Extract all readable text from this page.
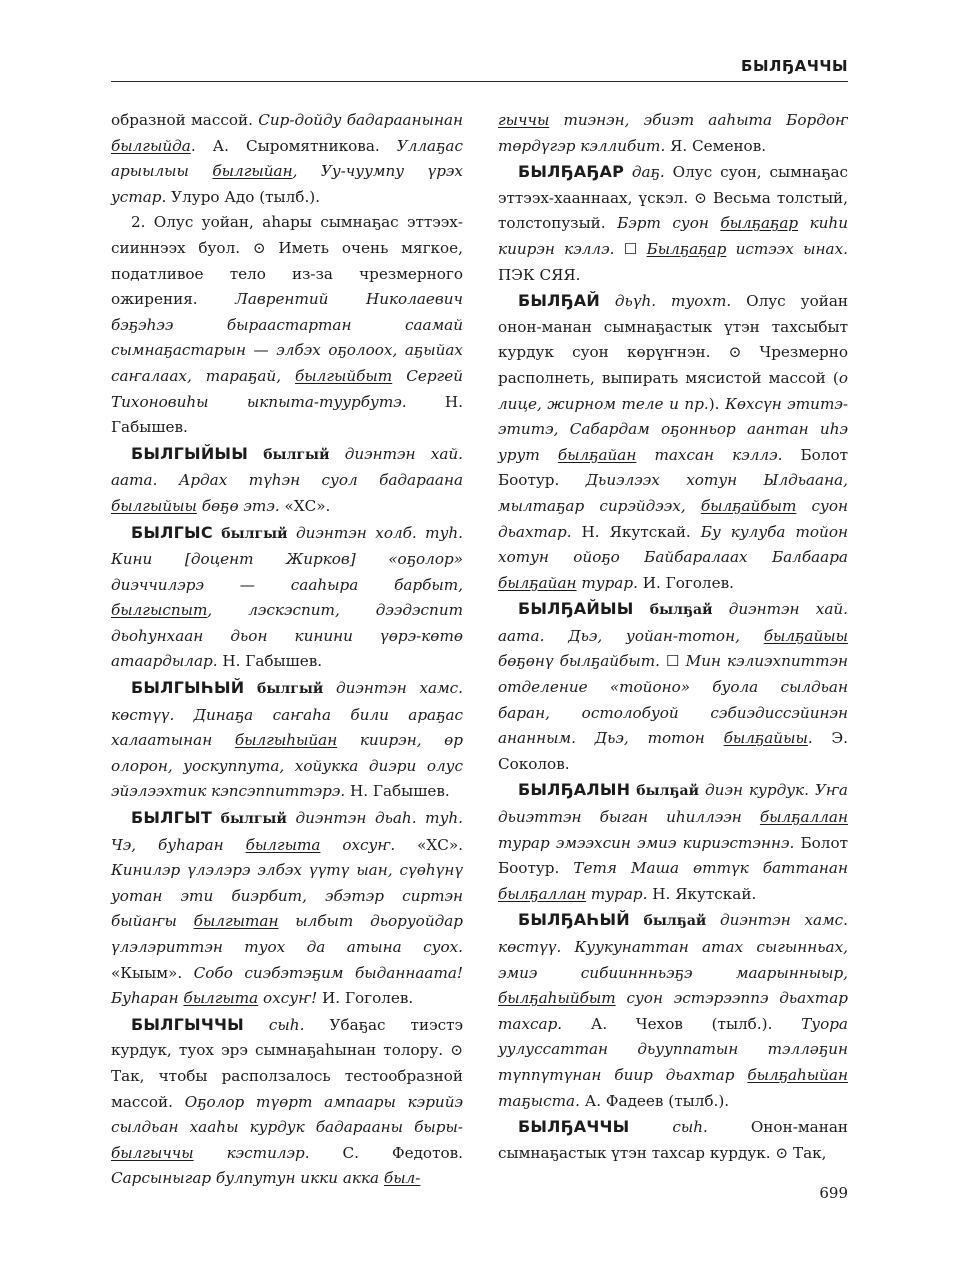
БЫЛҔАЧЧЫ

образной массой. Сир-дойду бадараанынан былгыйда. А. Сыромятникова. Уллаҕас арыылыы былгыйан, Уу-чуумпу үрэх устар. Улуро Адо (тылб.).

2. Олус уойан, аһары сымнаҕас эттээх-сииннээх буол. ⊙ Иметь очень мягкое, податливое тело из-за чрезмерного ожирения. Лаврентий Николаевич бэҕэһээ быраастартан саамай сымнаҕастарын — элбэх оҕолоох, аҕыйах саҥалаах, тараҕай, былгыйбыт Сергей Тихоновиһы ыкпыта-туурбутэ. Н. Габышев.

БЫЛГЫЙЫЫ былгый диэнтэн хай. аата. Ардах түһэн суол бадараана былгыйыы бөҕө этэ. «ХС».

БЫЛГЫС былгый диэнтэн холб. туһ. Кини [доцент Жирков] «оҕолор» диэччилэрэ — сааһыра барбыт, былгыспыт, лэскэспит, дээдэспит дьоһунхаан дьон кинини үөрэ-көтө атаардылар. Н. Габышев.

БЫЛГЫҺЫЙ былгый диэнтэн хамс. көстүү. Динаҕа саҥаһа били араҕас халаатынан былгыһыйан киирэн, өр олорон, уоскуппута, хойукка диэри олус эйэлээхтик кэпсэппиттэрэ. Н. Габышев.

БЫЛГЫТ былгый диэнтэн дьаһ. туһ. Чэ, буһаран былгыта охсуҥ. «ХС». Кинилэр үлэлэрэ элбэх үүтү ыан, сүөһүнү уотан эти биэрбит, эбэтэр сиртэн быйаҥы былгытан ылбыт дьоруойдар үлэлэриттэн туох да атына суох. «Кыым». Собо сиэбэтэҕим быданнаата! Буһаран былгыта охсуҥ! И. Гоголев.

БЫЛГЫЧЧЫ сыһ. Убаҕас тиэстэ курдук, туох эрэ сымнаҕаһынан толору. ⊙ Так, чтобы расползалось тестообразной массой. Оҕолор түөрт ампаары кэрийэ сылдьан хааһы курдук бадарааны быры-былгыччы кэстилэр. С. Федотов. Сарсыныгар булпутун икки акка был-

гыччы тиэнэн, эбиэт ааһыта Бордоҥ төрдүгэр кэллибит. Я. Семенов.

БЫЛҔАҔАР даҕ. Олус суон, сымнаҕас эттээх-хааннаах, үскэл. ⊙ Весьма толстый, толстопузый. Бэрт суон былҕаҕар киһи киирэн кэллэ. ☐ Былҕаҕар истээх ынах. ПЭК СЯЯ.

БЫЛҔАЙ дьүһ. туохт. Олус уойан онон-манан сымнаҕастык үтэн тахсыбыт курдук суон көрүҥнэн. ⊙ Чрезмерно располнеть, выпирать мясистой массой (о лице, жирном теле и пр.). Көхсүн этитэ-этитэ, Сабардам оҕонньор аантан иһэ урут былҕайан тахсан кэллэ. Болот Боотур. Дьиэлээх хотун Ылдьаана, мылтаҕар сирэйдээх, былҕайбыт суон дьахтар. Н. Якутскай. Бу кулуба тойон хотун ойоҕо Байбаралаах Балбаара былҕайан турар. И. Гоголев.

БЫЛҔАЙЫЫ былҕай диэнтэн хай. аата. Дьэ, уойан-тотон, былҕайыы бөҕөнү былҕайбыт. ☐ Мин кэлиэхпиттэн отделение «тойоно» буола сылдьан баран, остолобуой сэбиэдиссэйинэн ананным. Дьэ, тотон былҕайыы. Э. Соколов.

БЫЛҔАЛЫН былҕай диэн курдук. Уҥа дьиэттэн быган иһиллээн былҕаллан турар эмээхсин эмиэ кириэстэннэ. Болот Боотур. Тетя Маша өттүк баттанан былҕаллан турар. Н. Якутскай.

БЫЛҔАҺЫЙ былҕай диэнтэн хамс. көстүү. Куукунаттан атах сыгынньах, эмиэ сибииннньэҕэ маарынныыр, былҕаһыйбыт суон эстэрээппэ дьахтар тахсар. А. Чехов (тылб.). Туора уулуссаттан дьууппатын тэлләҕин түппүтүнан биир дьахтар былҕаһыйан таҕыста. А. Фадеев (тылб.).

БЫЛҔАЧЧЫ	сыһ. Онон-манан сымнаҕастык үтэн тахсар курдук. ⊙ Так,

699
